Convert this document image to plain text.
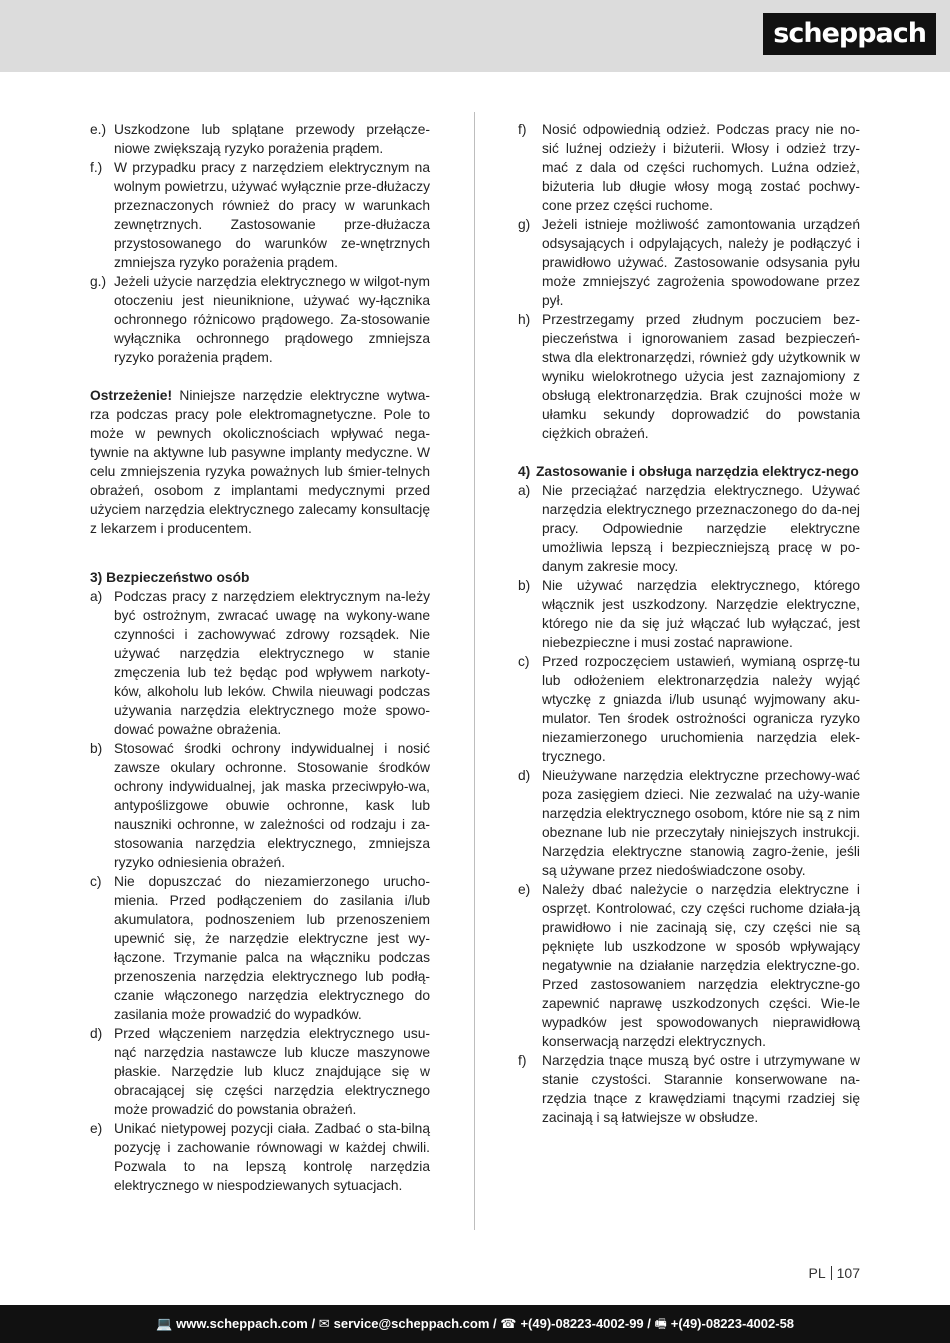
scheppach
e.) Uszkodzone lub splątane przewody przełącze-niowe zwiększają ryzyko porażenia prądem.
f.) W przypadku pracy z narzędziem elektrycznym na wolnym powietrzu, używać wyłącznie prze-dłużaczy przeznaczonych również do pracy w warunkach zewnętrznych. Zastosowanie prze-dłużacza przystosowanego do warunków ze-wnętrznych zmniejsza ryzyko porażenia prądem.
g.) Jeżeli użycie narzędzia elektrycznego w wilgot-nym otoczeniu jest nieuniknione, używać wy-łącznika ochronnego różnicowo prądowego. Za-stosowanie wyłącznika ochronnego prądowego zmniejsza ryzyko porażenia prądem.

Ostrzeżenie! Niniejsze narzędzie elektryczne wytwa-rza podczas pracy pole elektromagnetyczne. Pole to może w pewnych okolicznościach wpływać nega-tywnie na aktywne lub pasywne implanty medyczne. W celu zmniejszenia ryzyka poważnych lub śmier-telnych obrażeń, osobom z implantami medycznymi przed użyciem narzędzia elektrycznego zalecamy konsultację z lekarzem i producentem.

3) Bezpieczeństwo osób
a) Podczas pracy z narzędziem elektrycznym na-leży być ostrożnym, zwracać uwagę na wykony-wane czynności i zachowywać zdrowy rozsądek. Nie używać narzędzia elektrycznego w stanie zmęczenia lub też będąc pod wpływem narkoty-ków, alkoholu lub leków. Chwila nieuwagi podczas używania narzędzia elektrycznego może spowo-dować poważne obrażenia.
b) Stosować środki ochrony indywidualnej i nosić zawsze okulary ochronne. Stosowanie środków ochrony indywidualnej, jak maska przeciwpyło-wa, antypoślizgowe obuwie ochronne, kask lub nauszniki ochronne, w zależności od rodzaju i za-stosowania narzędzia elektrycznego, zmniejsza ryzyko odniesienia obrażeń.
c) Nie dopuszczać do niezamierzonego urucho-mienia. Przed podłączeniem do zasilania i/lub akumulatora, podnoszeniem lub przenoszeniem upewnić się, że narzędzie elektryczne jest wy-łączone. Trzymanie palca na włączniku podczas przenoszenia narzędzia elektrycznego lub podłą-czanie włączonego narzędzia elektrycznego do zasilania może prowadzić do wypadków.
d) Przed włączeniem narzędzia elektrycznego usu-nąć narzędzia nastawcze lub klucze maszynowe płaskie. Narzędzie lub klucz znajdujące się w obracającej się części narzędzia elektrycznego może prowadzić do powstania obrażeń.
e) Unikać nietypowej pozycji ciała. Zadbać o sta-bilną pozycję i zachowanie równowagi w każdej chwili. Pozwala to na lepszą kontrolę narzędzia elektrycznego w niespodziewanych sytuacjach.
f)	Nosić odpowiednią odzież. Podczas pracy nie no-sić luźnej odzieży i biżuterii. Włosy i odzież trzy-mać z dala od części ruchomych. Luźna odzież, biżuteria lub długie włosy mogą zostać pochwy-cone przez części ruchome.
g) Jeżeli istnieje możliwość zamontowania urządzeń odsysających i odpylających, należy je podłączyć i prawidłowo używać. Zastosowanie odsysania pyłu może zmniejszyć zagrożenia spowodowane przez pył.
h) Przestrzegamy przed złudnym poczuciem bez-pieczeństwa i ignorowaniem zasad bezpieczeń-stwa dla elektronarzędzi, również gdy użytkownik w wyniku wielokrotnego użycia jest zaznajomiony z obsługą elektronarzędzia. Brak czujności może w ułamku sekundy doprowadzić do powstania ciężkich obrażeń.
4) Zastosowanie i obsługa narzędzia elektrycz-nego
a) Nie przeciążać narzędzia elektrycznego. Używać narzędzia elektrycznego przeznaczonego do da-nej pracy. Odpowiednie narzędzie elektryczne umożliwia lepszą i bezpieczniejszą pracę w po-danym zakresie mocy.
b) Nie używać narzędzia elektrycznego, którego włącznik jest uszkodzony. Narzędzie elektryczne, którego nie da się już włączać lub wyłączać, jest niebezpieczne i musi zostać naprawione.
c) Przed rozpoczęciem ustawień, wymianą osprzę-tu lub odłożeniem elektronarzędzia należy wyjąć wtyczkę z gniazda i/lub usunąć wyjmowany aku-mulator. Ten środek ostrożności ogranicza ryzyko niezamierzonego uruchomienia narzędzia elek-trycznego.
d) Nieużywane narzędzia elektryczne przechowy-wać poza zasięgiem dzieci. Nie zezwalać na uży-wanie narzędzia elektrycznego osobom, które nie są z nim obeznane lub nie przeczytały niniejszych instrukcji. Narzędzia elektryczne stanowią zagro-żenie, jeśli są używane przez niedoświadczone osoby.
e) Należy dbać należycie o narzędzia elektryczne i osprzęt. Kontrolować, czy części ruchome działa-ją prawidłowo i nie zacinają się, czy części nie są pęknięte lub uszkodzone w sposób wpływający negatywnie na działanie narzędzia elektryczne-go. Przed zastosowaniem narzędzia elektryczne-go zapewnić naprawę uszkodzonych części. Wie-le wypadków jest spowodowanych nieprawidłową konserwacją narzędzi elektrycznych.
f)	Narzędzia tnące muszą być ostre i utrzymywane w stanie czystości. Starannie konserwowane na-rzędzia tnące z krawędziami tnącymi rzadziej się zacinają i są łatwiejsze w obsłudze.
PL 107
💻 www.scheppach.com / ✉ service@scheppach.com / ☎ +(49)-08223-4002-99 / 🖷 +(49)-08223-4002-58
